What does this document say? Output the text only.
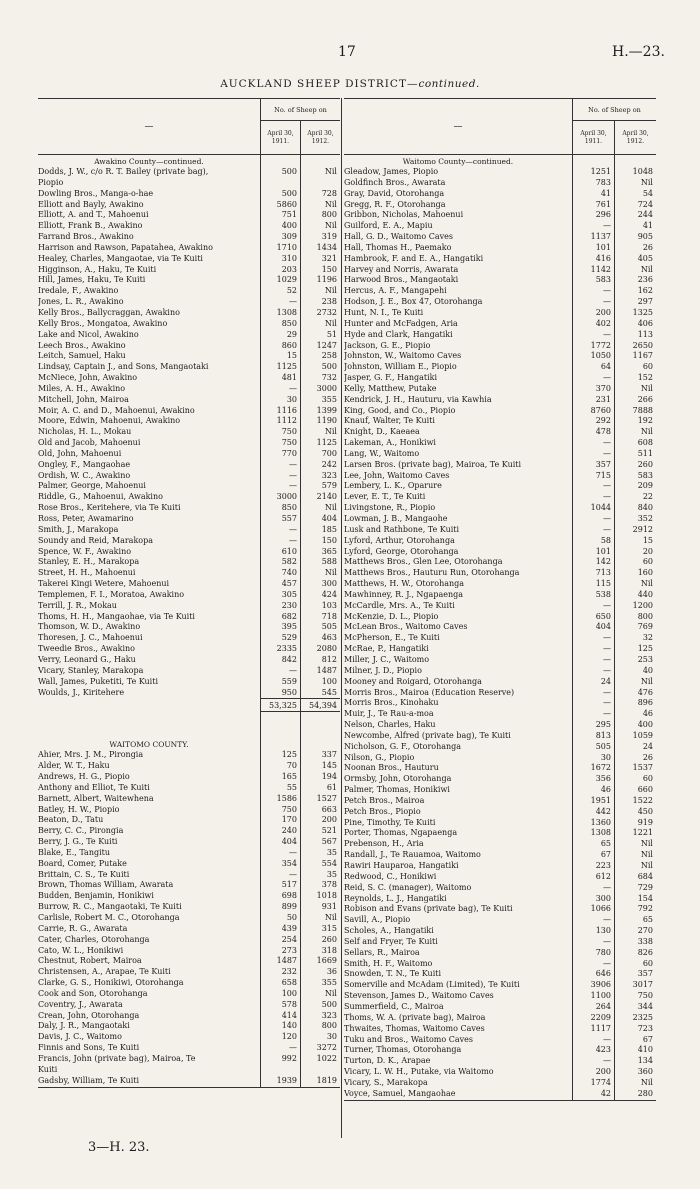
17	H.—23.
AUCKLAND SHEEP DISTRICT—continued.
—
No. of Sheep on
April 30, 1911.
April 30, 1912.
Awakino County—continued.
Dodds, J. W., c/o R. T. Bailey (private bag),	500	Nil
Piopio
Dowling Bros., Manga-o-hae	500	728
Elliott and Bayly, Awakino	5860	Nil
Elliott, A. and T., Mahoenui	751	800
Elliott, Frank B., Awakino	400	Nil
Farrand Bros., Awakino	309	319
Harrison and Rawson, Papatahea, Awakino	1710	1434
Healey, Charles, Mangaotae, via Te Kuiti	310	321
Higginson, A., Haku, Te Kuiti	203	150
Hill, James, Haku, Te Kuiti	1029	1196
Iredale, F., Awakino	52	Nil
Jones, L. R., Awakino	—	238
Kelly Bros., Ballycraggan, Awakino	1308	2732
Kelly Bros., Mongatoa, Awakino	850	Nil
Lake and Nicol, Awakino	29	51
Leech Bros., Awakino	860	1247
Leitch, Samuel, Haku	15	258
Lindsay, Captain J., and Sons, Mangaotaki	1125	500
McNiece, John, Awakino	481	732
Miles, A. H., Awakino	—	3000
Mitchell, John, Mairoa	30	355
Moir, A. C. and D., Mahoenui, Awakino	1116	1399
Moore, Edwin, Mahoenui, Awakino	1112	1190
Nicholas, H. L., Mokau	750	Nil
Old and Jacob, Mahoenui	750	1125
Old, John, Mahoenui	770	700
Ongley, F., Mangaohae	—	242
Ordish, W. C., Awakino	—	323
Palmer, George, Mahoenui	—	579
Riddle, G., Mahoenui, Awakino	3000	2140
Rose Bros., Keritehere, via Te Kuiti	850	Nil
Ross, Peter, Awamarino	557	404
Smith, J., Marakopa	—	185
Soundy and Reid, Marakopa	—	150
Spence, W. F., Awakino	610	365
Stanley, E. H., Marakopa	582	588
Street, H. H., Mahoenui	740	Nil
Takerei Kingi Wetere, Mahoenui	457	300
Templemen, F. I., Moratoa, Awakino	305	424
Terrill, J. R., Mokau	230	103
Thoms, H. H., Mangaohae, via Te Kuiti	682	718
Thomson, W. D., Awakino	395	505
Thoresen, J. C., Mahoenui	529	463
Tweedie Bros., Awakino	2335	2080
Verry, Leonard G., Haku	842	812
Vicary, Stanley, Marakopa	—	1487
Wall, James, Puketiti, Te Kuiti	559	100
Woulds, J., Kiritehere	950	545
53,325	54,394
WAITOMO COUNTY.
Ahier, Mrs. J. M., Pirongia	125	337
Alder, W. T., Haku	70	145
Andrews, H. G., Piopio	165	194
Anthony and Elliot, Te Kuiti	55	61
Barnett, Albert, Waitewhena	1586	1527
Batley, H. W., Piopio	750	663
Beaton, D., Tatu	170	200
Berry, C. C., Pirongia	240	521
Berry, J. G., Te Kuiti	404	567
Blake, E., Tangitu	—	35
Board, Comer, Putake	354	554
Brittain, C. S., Te Kuiti	—	35
Brown, Thomas William, Awarata	517	378
Budden, Benjamin, Honikiwi	698	1018
Burrow, R. C., Mangaotaki, Te Kuiti	899	931
Carlisle, Robert M. C., Otorohanga	50	Nil
Carrie, R. G., Awarata	439	315
Cater, Charles, Otorohanga	254	260
Cato, W. L., Honikiwi	273	318
Chestnut, Robert, Mairoa	1487	1669
Christensen, A., Arapae, Te Kuiti	232	36
Clarke, G. S., Honikiwi, Otorohanga	658	355
Cook and Son, Otorohanga	100	Nil
Coventry, J., Awarata	578	500
Crean, John, Otorohanga	414	323
Daly, J. R., Mangaotaki	140	800
Davis, J. C., Waitomo	120	30
Finnis and Sons, Te Kuiti	—	3272
Francis, John (private bag), Mairoa, Te	992	1022
Kuiti
Gadsby, William, Te Kuiti	1939	1819
—
No. of Sheep on
April 30, 1911.
April 30, 1912.
Waitomo County—continued.
Gleadow, James, Piopio	1251	1048
Goldfinch Bros., Awarata	783	Nil
Gray, David, Otorohanga	41	54
Gregg, R. F., Otorohanga	761	724
Gribbon, Nicholas, Mahoenui	296	244
Guilford, E. A., Mapiu	—	41
Hall, G. D., Waitomo Caves	1137	905
Hall, Thomas H., Paemako	101	26
Hambrook, F. and E. A., Hangatiki	416	405
Harvey and Norris, Awarata	1142	Nil
Harwood Bros., Mangaotaki	583	236
Hercus, A. F., Mangapehi	—	162
Hodson, J. E., Box 47, Otorohanga	—	297
Hunt, N. I., Te Kuiti	200	1325
Hunter and McFadgen, Aria	402	406
Hyde and Clark, Hangatiki	—	113
Jackson, G. E., Piopio	1772	2650
Johnston, W., Waitomo Caves	1050	1167
Johnston, William E., Piopio	64	60
Jasper, G. F., Hangatiki	—	152
Kelly, Matthew, Putake	370	Nil
Kendrick, J. H., Hauturu, via Kawhia	231	266
King, Good, and Co., Piopio	8760	7888
Knauf, Walter, Te Kuiti	292	192
Knight, D., Kaeaea	478	Nil
Lakeman, A., Honikiwi	—	608
Lang, W., Waitomo	—	511
Larsen Bros. (private bag), Mairoa, Te Kuiti	357	260
Lee, John, Waitomo Caves	715	583
Lembery, L. K., Oparure	—	209
Lever, E. T., Te Kuiti	—	22
Livingstone, R., Piopio	1044	840
Lowman, J. B., Mangaohe	—	352
Lusk and Rathbone, Te Kuiti	—	2912
Lyford, Arthur, Otorohanga	58	15
Lyford, George, Otorohanga	101	20
Matthews Bros., Glen Lee, Otorohanga	142	60
Matthews Bros., Hauturu Run, Otorohanga	713	160
Matthews, H. W., Otorohanga	115	Nil
Mawhinney, R. J., Ngapaenga	538	440
McCardle, Mrs. A., Te Kuiti	—	1200
McKenzie, D. L., Piopio	650	800
McLean Bros., Waitomo Caves	404	769
McPherson, E., Te Kuiti	—	32
McRae, P., Hangatiki	—	125
Miller, J. C., Waitomo	—	253
Milner, J. D., Piopio	—	40
Mooney and Roigard, Otorohanga	24	Nil
Morris Bros., Mairoa (Education Reserve)	—	476
Morris Bros., Kinohaku	—	896
Muir, J., Te Rau-a-moa	—	46
Nelson, Charles, Haku	295	400
Newcombe, Alfred (private bag), Te Kuiti	813	1059
Nicholson, G. F., Otorohanga	505	24
Nilson, G., Piopio	30	26
Noonan Bros., Hauturu	1672	1537
Ormsby, John, Otorohanga	356	60
Palmer, Thomas, Honikiwi	46	660
Petch Bros., Mairoa	1951	1522
Petch Bros., Piopio	442	450
Pine, Timothy, Te Kuiti	1360	919
Porter, Thomas, Ngapaenga	1308	1221
Prebenson, H., Aria	65	Nil
Randall, J., Te Rauamoa, Waitomo	67	Nil
Rawiri Hauparoa, Hangatiki	223	Nil
Redwood, C., Honikiwi	612	684
Reid, S. C. (manager), Waitomo	—	729
Reynolds, L. J., Hangatiki	300	154
Robison and Evans (private bag), Te Kuiti	1066	792
Savill, A., Piopio	—	65
Scholes, A., Hangatiki	130	270
Self and Fryer, Te Kuiti	—	338
Sellars, R., Mairoa	780	826
Smith, H. F., Waitomo	—	60
Snowden, T. N., Te Kuiti	646	357
Somerville and McAdam (Limited), Te Kuiti	3906	3017
Stevenson, James D., Waitomo Caves	1100	750
Summerfield, C., Mairoa	264	344
Thoms, W. A. (private bag), Mairoa	2209	2325
Thwaites, Thomas, Waitomo Caves	1117	723
Tuku and Bros., Waitomo Caves	—	67
Turner, Thomas, Otorohanga	423	410
Turton, D. K., Arapae	—	134
Vicary, L. W. H., Putake, via Waitomo	200	360
Vicary, S., Marakopa	1774	Nil
Voyce, Samuel, Mangaohae	42	280
3—H. 23.
